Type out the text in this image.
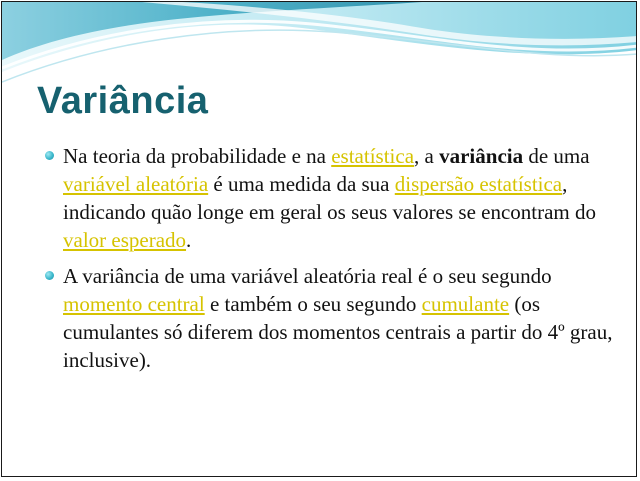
Variância
Na teoria da probabilidade e na estatística, a variância de uma variável aleatória é uma medida da sua dispersão estatística, indicando quão longe em geral os seus valores se encontram do valor esperado.
A variância de uma variável aleatória real é o seu segundo momento central e também o seu segundo cumulante (os cumulantes só diferem dos momentos centrais a partir do 4º grau, inclusive).
